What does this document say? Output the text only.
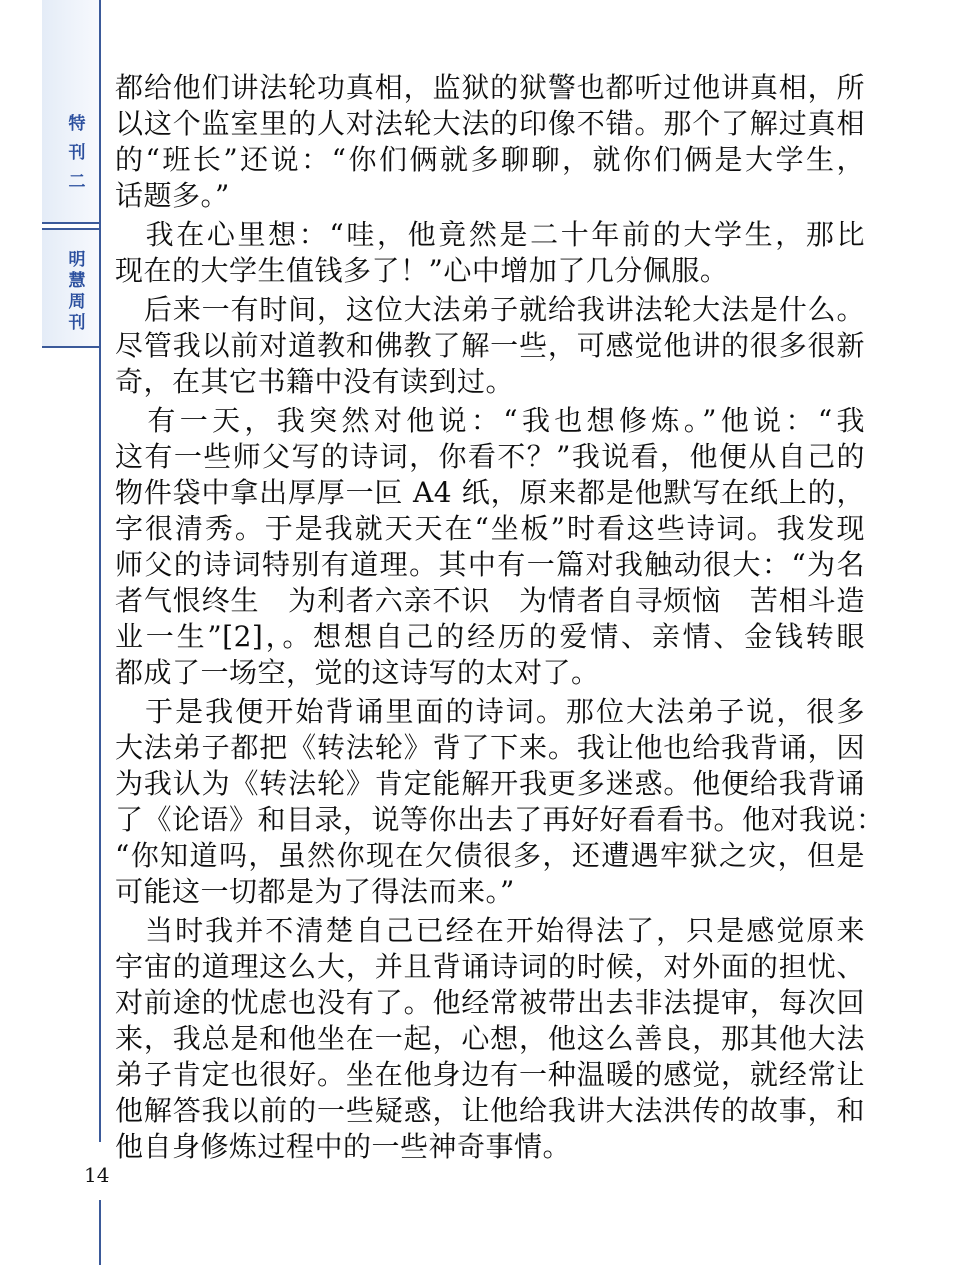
特
刊
二
明
慧
周
刊
14
都给他们讲法轮功真相，监狱的狱警也都听过他讲真相，所
以这个监室里的人对法轮大法的印像不错。那个了解过真相
的“班长”还说：“你们俩就多聊聊，就你们俩是大学生，
话题多。”
　我在心里想：“哇，他竟然是二十年前的大学生，那比
现在的大学生值钱多了！”心中增加了几分佩服。
　后来一有时间，这位大法弟子就给我讲法轮大法是什么。
尽管我以前对道教和佛教了解一些，可感觉他讲的很多很新
奇，在其它书籍中没有读到过。
　有一天，我突然对他说：“我也想修炼。”他说：“我
这有一些师父写的诗词，你看不？”我说看，他便从自己的
物件袋中拿出厚厚一叵 A4 纸，原来都是他默写在纸上的，
字很清秀。于是我就天天在“坐板”时看这些诗词。我发现
师父的诗词特别有道理。其中有一篇对我触动很大：“为名
者气恨终生　为利者六亲不识　为情者自寻烦恼　苦相斗造
业一生”[2]，。想想自己的经历的爱情、亲情、金钱转眼
都成了一场空，觉的这诗写的太对了。
　于是我便开始背诵里面的诗词。那位大法弟子说，很多
大法弟子都把《转法轮》背了下来。我让他也给我背诵，因
为我认为《转法轮》肯定能解开我更多迷惑。他便给我背诵
了《论语》和目录，说等你出去了再好好看看书。他对我说：
“你知道吗，虽然你现在欠债很多，还遭遇牢狱之灾，但是
可能这一切都是为了得法而来。”
　当时我并不清楚自己已经在开始得法了，只是感觉原来
宇宙的道理这么大，并且背诵诗词的时候，对外面的担忧、
对前途的忧虑也没有了。他经常被带出去非法提审，每次回
来，我总是和他坐在一起，心想，他这么善良，那其他大法
弟子肯定也很好。坐在他身边有一种温暖的感觉，就经常让
他解答我以前的一些疑惑，让他给我讲大法洪传的故事，和
他自身修炼过程中的一些神奇事情。
